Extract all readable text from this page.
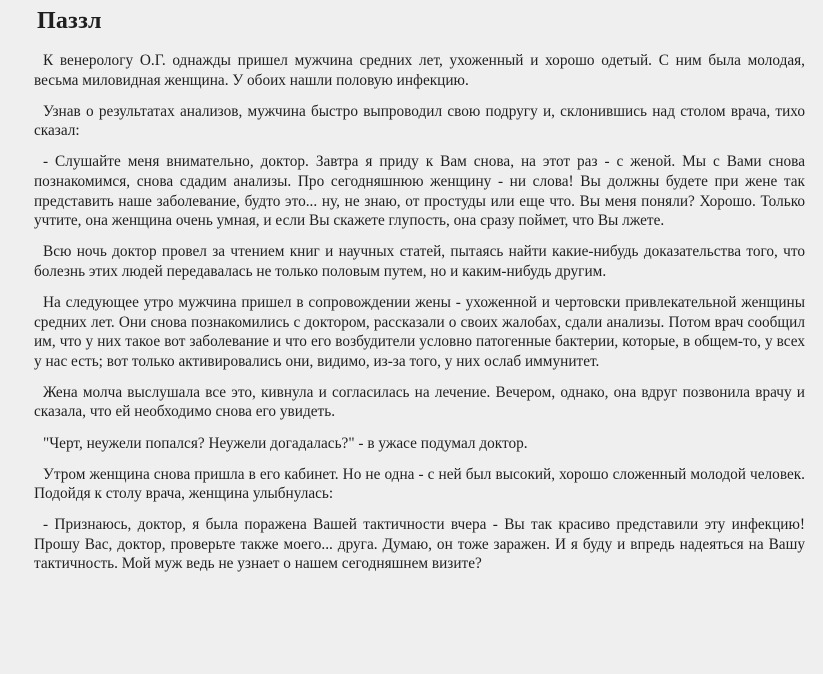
Паззл

К венерологу О.Г. однажды пришел мужчина средних лет, ухоженный и хорошо одетый. С ним была молодая, весьма миловидная женщина. У обоих нашли половую инфекцию.

Узнав о результатах анализов, мужчина быстро выпроводил свою подругу и, склонившись над столом врача, тихо сказал:

- Слушайте меня внимательно, доктор. Завтра я приду к Вам снова, на этот раз - с женой. Мы с Вами снова познакомимся, снова сдадим анализы. Про сегодняшнюю женщину - ни слова! Вы должны будете при жене так представить наше заболевание, будто это... ну, не знаю, от простуды или еще что. Вы меня поняли? Хорошо. Только учтите, она женщина очень умная, и если Вы скажете глупость, она сразу поймет, что Вы лжете.

Всю ночь доктор провел за чтением книг и научных статей, пытаясь найти какие-нибудь доказательства того, что болезнь этих людей передавалась не только половым путем, но и каким-нибудь другим.

На следующее утро мужчина пришел в сопровождении жены - ухоженной и чертовски привлекательной женщины средних лет. Они снова познакомились с доктором, рассказали о своих жалобах, сдали анализы. Потом врач сообщил им, что у них такое вот заболевание и что его возбудители условно патогенные бактерии, которые, в общем-то, у всех у нас есть; вот только активировались они, видимо, из-за того, у них ослаб иммунитет.

Жена молча выслушала все это, кивнула и согласилась на лечение. Вечером, однако, она вдруг позвонила врачу и сказала, что ей необходимо снова его увидеть.

"Черт, неужели попался? Неужели догадалась?" - в ужасе подумал доктор.

Утром женщина снова пришла в его кабинет. Но не одна - с ней был высокий, хорошо сложенный молодой человек. Подойдя к столу врача, женщина улыбнулась:

- Признаюсь, доктор, я была поражена Вашей тактичности вчера - Вы так красиво представили эту инфекцию! Прошу Вас, доктор, проверьте также моего... друга. Думаю, он тоже заражен. И я буду и впредь надеяться на Вашу тактичность. Мой муж ведь не узнает о нашем сегодняшнем визите?
